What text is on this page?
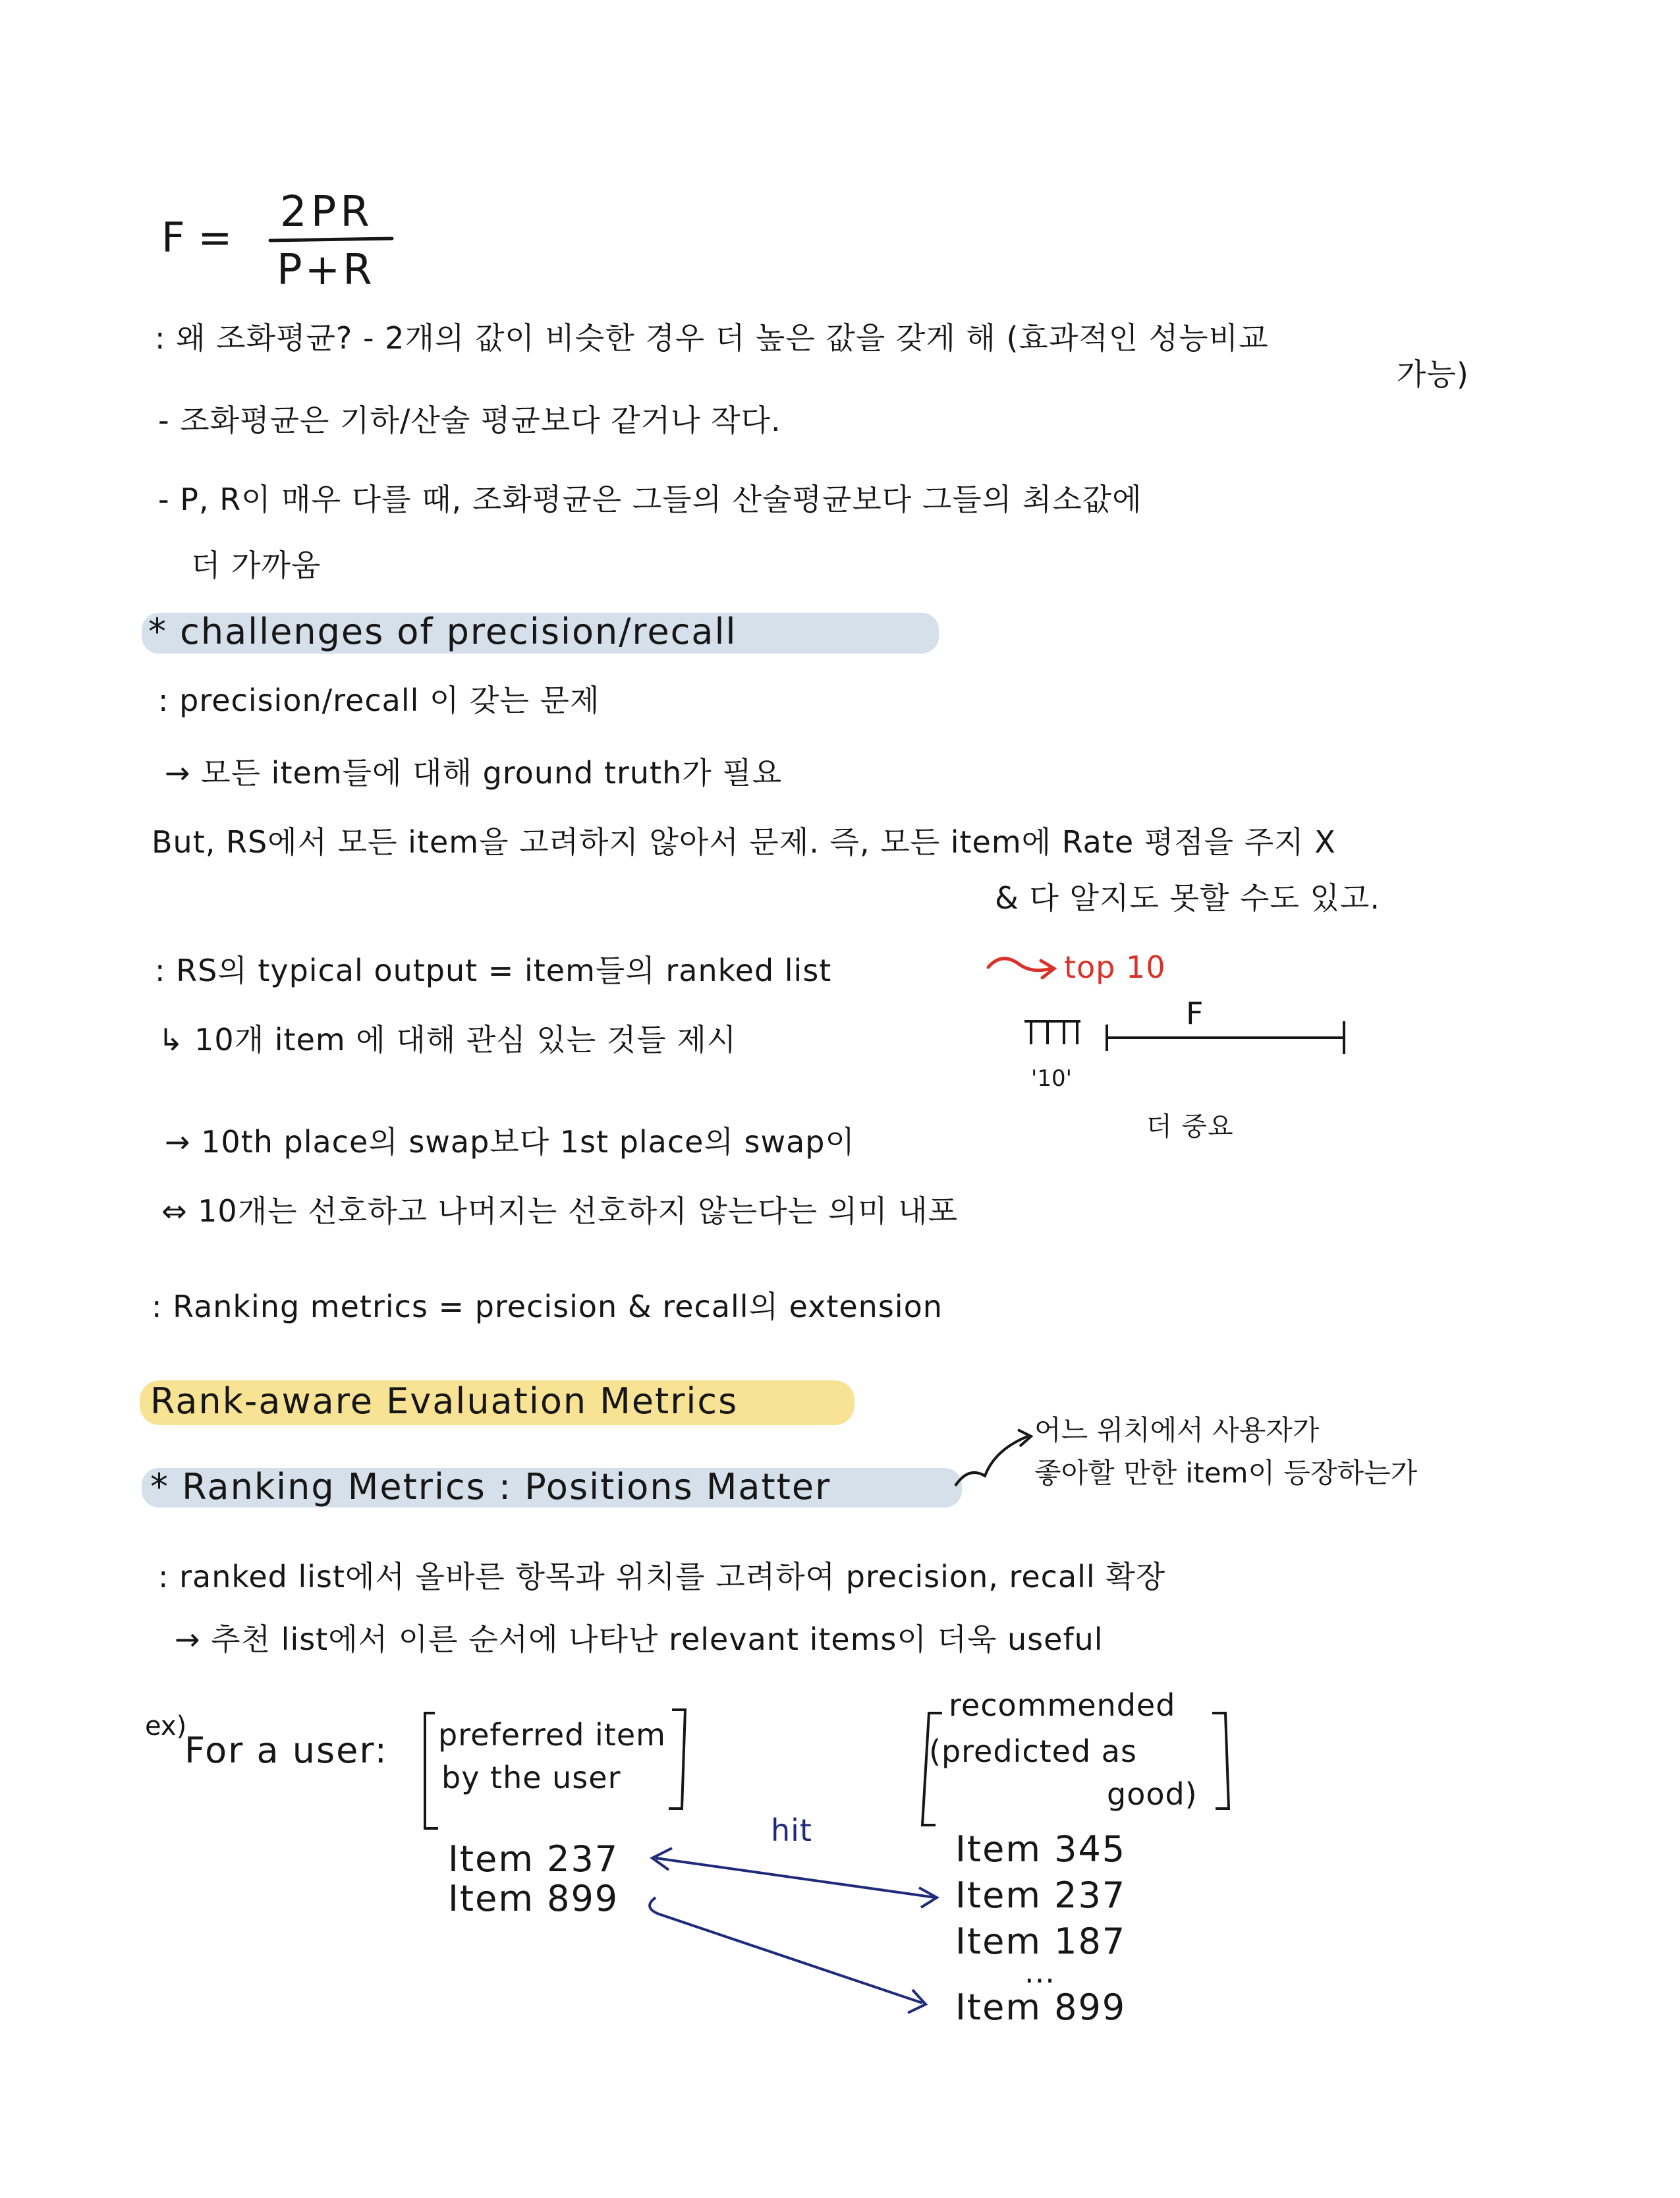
F =
2PR
P+R
: 왜 조화평균? - 2개의 값이 비슷한 경우 더 높은 값을 갖게 해 (효과적인 성능비교
가능)
- 조화평균은 기하/산술 평균보다 같거나 작다.
- P, R이 매우 다를 때, 조화평균은 그들의 산술평균보다 그들의 최소값에
더 가까움
* challenges of precision/recall
: precision/recall 이 갖는 문제
→ 모든 item들에 대해 ground truth가 필요
But, RS에서 모든 item을 고려하지 않아서 문제. 즉, 모든 item에 Rate 평점을 주지 X
& 다 알지도 못할 수도 있고.
: RS의 typical output = item들의 ranked list	top 10
↳ 10개 item 에 대해 관심 있는 것들 제시
F
'10'
→ 10th place의 swap보다 1st place의 swap이	더 중요
⇔ 10개는 선호하고 나머지는 선호하지 않는다는 의미 내포
: Ranking metrics = precision & recall의 extension
Rank-aware Evaluation Metrics
* Ranking Metrics : Positions Matter
어느 위치에서 사용자가
좋아할 만한 item이 등장하는가
: ranked list에서 올바른 항목과 위치를 고려하여 precision, recall 확장
→ 추천 list에서 이른 순서에 나타난 relevant items이 더욱 useful
ex)
For a user: preferred item
by the user
Item 237
Item 899
recommended
(predicted as
good)
Item 345
Item 237
Item 187
...
Item 899
hit
